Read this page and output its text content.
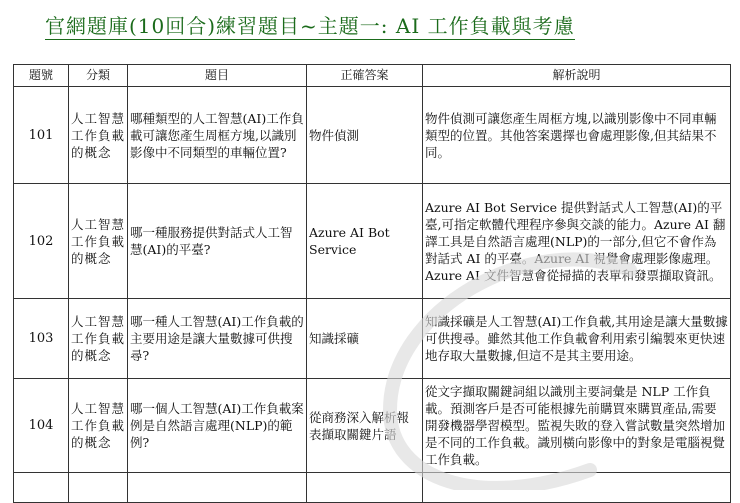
官網題庫(10回合)練習題目~主題一: AI 工作負載與考慮
題號	分類	題目	正確答案	解析說明
101	人工智慧工作負載的概念	哪種類型的人工智慧(AI)工作負載可讓您產生周框方塊,以識別影像中不同類型的車輛位置?	物件偵測	物件偵測可讓您產生周框方塊,以識別影像中不同車輛類型的位置。其他答案選擇也會處理影像,但其結果不同。
102	人工智慧工作負載的概念	哪一種服務提供對話式人工智慧(AI)的平臺?	Azure AI Bot Service	Azure AI Bot Service 提供對話式人工智慧(AI)的平臺,可指定軟體代理程序參與交談的能力。Azure AI 翻譯工具是自然語言處理(NLP)的一部分,但它不會作為對話式 AI 的平臺。Azure AI 視覺會處理影像處理。Azure AI 文件智慧會從掃描的表單和發票擷取資訊。
103	人工智慧工作負載的概念	哪一種人工智慧(AI)工作負載的主要用途是讓大量數據可供搜尋?	知識採礦	知識採礦是人工智慧(AI)工作負載,其用途是讓大量數據可供搜尋。雖然其他工作負載會利用索引編製來更快速地存取大量數據,但這不是其主要用途。
104	人工智慧工作負載的概念	哪一個人工智慧(AI)工作負載案例是自然語言處理(NLP)的範例?	從商務深入解析報表擷取關鍵片語	從文字擷取關鍵詞組以識別主要詞彙是 NLP 工作負載。預測客戶是否可能根據先前購買來購買產品,需要開發機器學習模型。監視失敗的登入嘗試數量突然增加是不同的工作負載。識別橫向影像中的對象是電腦視覺工作負載。
